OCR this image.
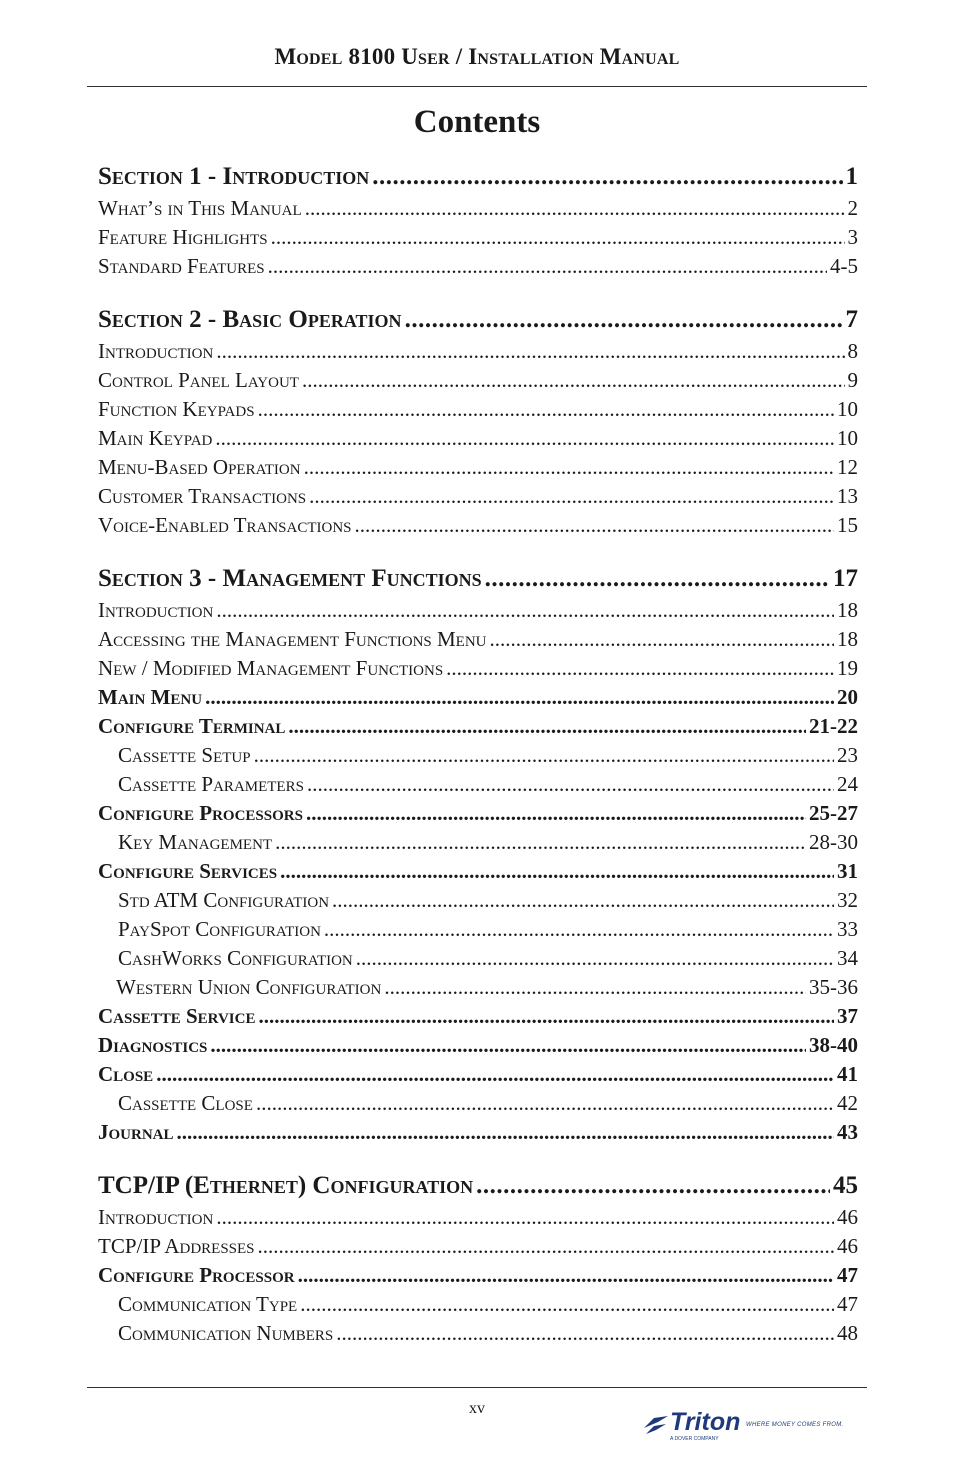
Model 8100 User / Installation Manual
Contents
Section 1 - Introduction .....	1
What’s in This Manual .....	2
Feature Highlights .....	3
Standard Features .....	4-5
Section 2 - Basic Operation .....	7
Introduction .....	8
Control Panel Layout .....	9
Function Keypads .....	10
Main Keypad .....	10
Menu-Based Operation .....	12
Customer Transactions .....	13
Voice-Enabled Transactions .....	15
Section 3 - Management Functions .....	17
Introduction .....	18
Accessing the Management Functions Menu .....	18
New / Modified Management Functions .....	19
Main Menu .....	20
Configure Terminal .....	21-22
Cassette Setup .....	23
Cassette Parameters .....	24
Configure Processors .....	25-27
Key Management .....	28-30
Configure Services .....	31
Std ATM Configuration .....	32
PaySpot Configuration .....	33
CashWorks Configuration .....	34
Western Union Configuration .....	35-36
Cassette Service .....	37
Diagnostics .....	38-40
Close .....	41
Cassette Close .....	42
Journal .....	43
TCP/IP (Ethernet) Configuration .....	45
Introduction .....	46
TCP/IP Addresses .....	46
Configure Processor .....	47
Communication Type .....	47
Communication Numbers .....	48
xv	Triton WHERE MONEY COMES FROM.
A DOVER COMPANY
